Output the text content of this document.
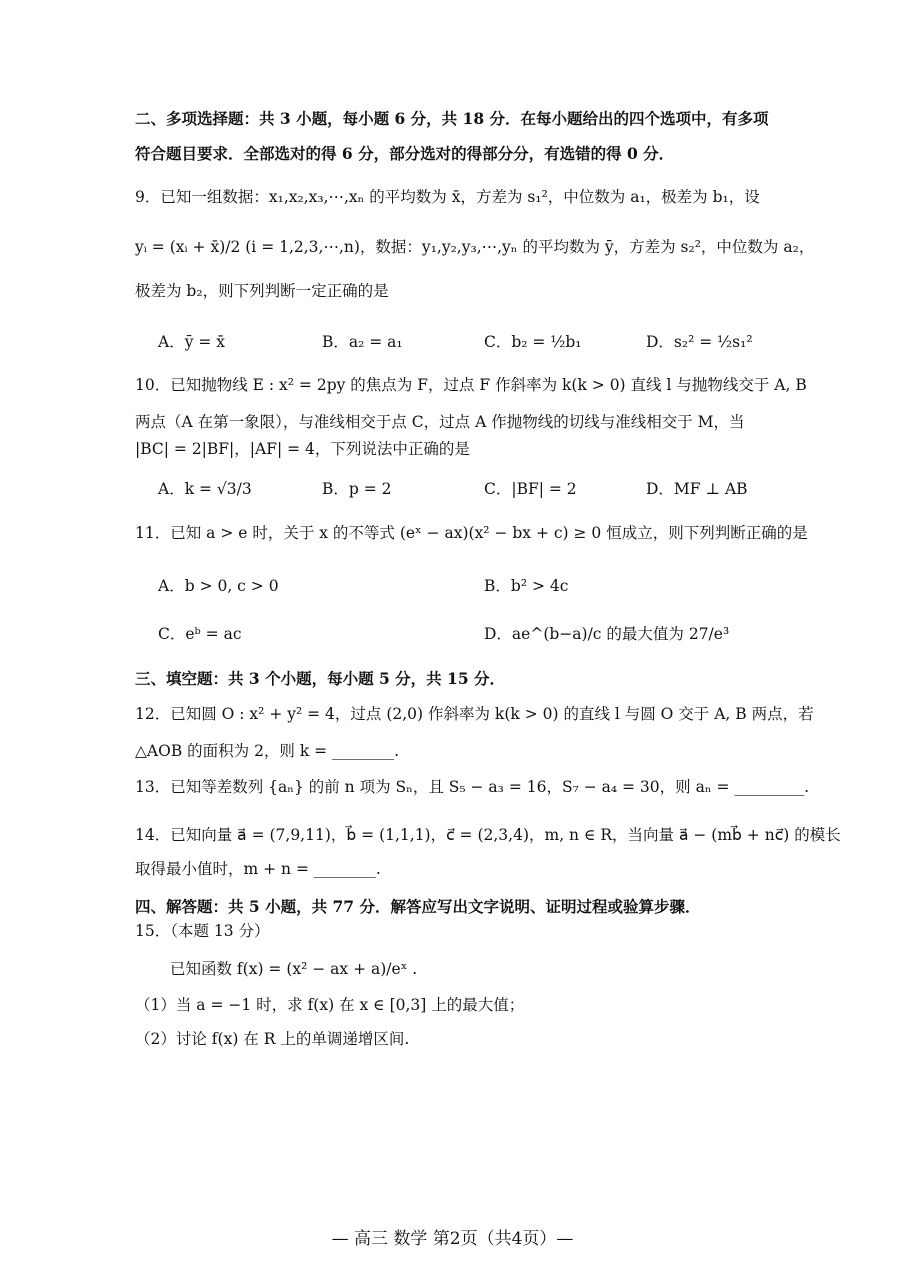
二、多项选择题：共 3 小题，每小题 6 分，共 18 分．在每小题给出的四个选项中，有多项
符合题目要求．全部选对的得 6 分，部分选对的得部分分，有选错的得 0 分．
9．已知一组数据：x₁,x₂,x₃,⋯,xₙ 的平均数为 x̄，方差为 s₁²，中位数为 a₁，极差为 b₁，设
yᵢ = (xᵢ + x̄)/2 (i = 1,2,3,⋯,n)，数据：y₁,y₂,y₃,⋯,yₙ 的平均数为 ȳ，方差为 s₂²，中位数为 a₂，
极差为 b₂，则下列判断一定正确的是
A．ȳ = x̄	B．a₂ = a₁	C．b₂ = ½b₁	D．s₂² = ½s₁²
10．已知抛物线 E : x² = 2py 的焦点为 F，过点 F 作斜率为 k(k > 0) 直线 l 与抛物线交于 A, B
两点（A 在第一象限），与准线相交于点 C，过点 A 作抛物线的切线与准线相交于 M，当
|BC| = 2|BF|，|AF| = 4，下列说法中正确的是
A．k = √3/3	B．p = 2	C．|BF| = 2	D．MF ⊥ AB
11．已知 a > e 时，关于 x 的不等式 (eˣ − ax)(x² − bx + c) ≥ 0 恒成立，则下列判断正确的是
A．b > 0, c > 0	B．b² > 4c
C．eᵇ = ac	D．ae^(b−a)/c 的最大值为 27/e³
三、填空题：共 3 个小题，每小题 5 分，共 15 分．
12．已知圆 O : x² + y² = 4，过点 (2,0) 作斜率为 k(k > 0) 的直线 l 与圆 O 交于 A, B 两点，若
△AOB 的面积为 2，则 k = ________.
13．已知等差数列 {aₙ} 的前 n 项为 Sₙ，且 S₅ − a₃ = 16，S₇ − a₄ = 30，则 aₙ = _________.
14．已知向量 a⃗ = (7,9,11)，b⃗ = (1,1,1)，c⃗ = (2,3,4)，m, n ∈ R，当向量 a⃗ − (mb⃗ + nc⃗) 的模长
取得最小值时，m + n = ________.
四、解答题：共 5 小题，共 77 分．解答应写出文字说明、证明过程或验算步骤．
15．（本题 13 分）
已知函数 f(x) = (x² − ax + a)/eˣ .
（1）当 a = −1 时，求 f(x) 在 x ∈ [0,3] 上的最大值；
（2）讨论 f(x) 在 R 上的单调递增区间.
— 高三 数学 第2页（共4页）—
